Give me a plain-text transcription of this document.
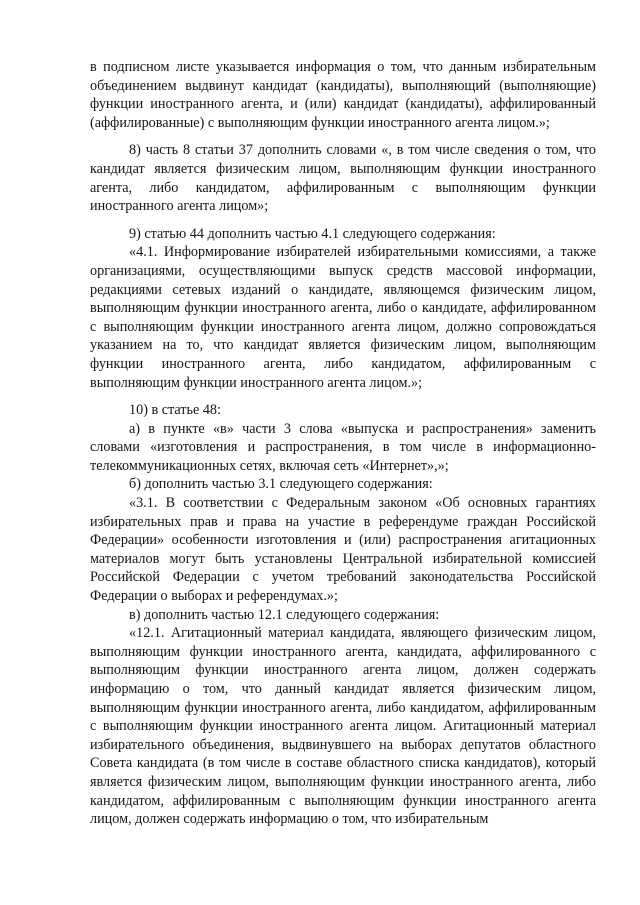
в подписном листе указывается информация о том, что данным избирательным объединением выдвинут кандидат (кандидаты), выполняющий (выполняющие) функции иностранного агента, и (или) кандидат (кандидаты), аффилированный (аффилированные) с выполняющим функции иностранного агента лицом.»;

8) часть 8 статьи 37 дополнить словами «, в том числе сведения о том, что кандидат является физическим лицом, выполняющим функции иностранного агента, либо кандидатом, аффилированным с выполняющим функции иностранного агента лицом»;

9) статью 44 дополнить частью 4.1 следующего содержания:

«4.1. Информирование избирателей избирательными комиссиями, а также организациями, осуществляющими выпуск средств массовой информации, редакциями сетевых изданий о кандидате, являющемся физическим лицом, выполняющим функции иностранного агента, либо о кандидате, аффилированном с выполняющим функции иностранного агента лицом, должно сопровождаться указанием на то, что кандидат является физическим лицом, выполняющим функции иностранного агента, либо кандидатом, аффилированным с выполняющим функции иностранного агента лицом.»;

10) в статье 48:

а) в пункте «в» части 3 слова «выпуска и распространения» заменить словами «изготовления и распространения, в том числе в информационно-телекоммуникационных сетях, включая сеть «Интернет»,»;

б) дополнить частью 3.1 следующего содержания:

«3.1. В соответствии с Федеральным законом «Об основных гарантиях избирательных прав и права на участие в референдуме граждан Российской Федерации» особенности изготовления и (или) распространения агитационных материалов могут быть установлены Центральной избирательной комиссией Российской Федерации с учетом требований законодательства Российской Федерации о выборах и референдумах.»;

в) дополнить частью 12.1 следующего содержания:

«12.1. Агитационный материал кандидата, являющего физическим лицом, выполняющим функции иностранного агента, кандидата, аффилированного с выполняющим функции иностранного агента лицом, должен содержать информацию о том, что данный кандидат является физическим лицом, выполняющим функции иностранного агента, либо кандидатом, аффилированным с выполняющим функции иностранного агента лицом. Агитационный материал избирательного объединения, выдвинувшего на выборах депутатов областного Совета кандидата (в том числе в составе областного списка кандидатов), который является физическим лицом, выполняющим функции иностранного агента, либо кандидатом, аффилированным с выполняющим функции иностранного агента лицом, должен содержать информацию о том, что избирательным
